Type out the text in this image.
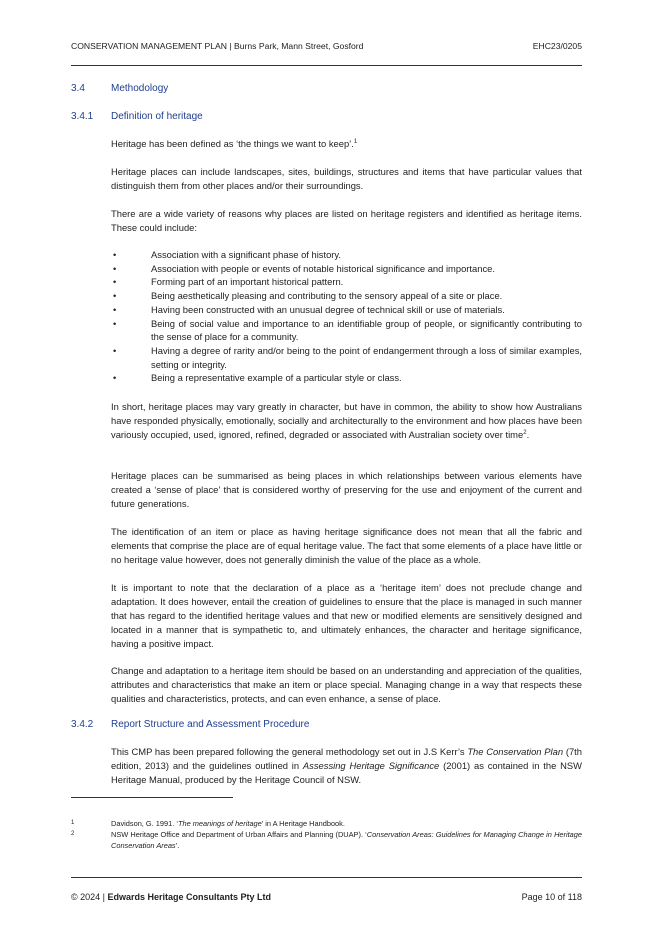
CONSERVATION MANAGEMENT PLAN | Burns Park, Mann Street, Gosford	EHC23/0205
3.4	Methodology
3.4.1 Definition of heritage

Heritage has been defined as ‘the things we want to keep’.$^1$

Heritage places can include landscapes, sites, buildings, structures and items that have particular values that distinguish them from other places and/or their surroundings.

There are a wide variety of reasons why places are listed on heritage registers and identified as heritage items. These could include:

•	Association with a significant phase of history.
•	Association with people or events of notable historical significance and importance.
•	Forming part of an important historical pattern.
•	Being aesthetically pleasing and contributing to the sensory appeal of a site or place.
•	Having been constructed with an unusual degree of technical skill or use of materials.
•	Being of social value and importance to an identifiable group of people, or significantly contributing to the sense of place for a community.
•	Having a degree of rarity and/or being to the point of endangerment through a loss of similar examples, setting or integrity.
•	Being a representative example of a particular style or class.

In short, heritage places may vary greatly in character, but have in common, the ability to show how Australians have responded physically, emotionally, socially and architecturally to the environment and how places have been variously occupied, used, ignored, refined, degraded or associated with Australian society over time$^2$.

Heritage places can be summarised as being places in which relationships between various elements have created a ‘sense of place’ that is considered worthy of preserving for the use and enjoyment of the current and future generations.

The identification of an item or place as having heritage significance does not mean that all the fabric and elements that comprise the place are of equal heritage value. The fact that some elements of a place have little or no heritage value however, does not generally diminish the value of the place as a whole.

It is important to note that the declaration of a place as a ‘heritage item’ does not preclude change and adaptation. It does however, entail the creation of guidelines to ensure that the place is managed in such manner that has regard to the identified heritage values and that new or modified elements are sensitively designed and located in a manner that is sympathetic to, and ultimately enhances, the character and heritage significance, having a positive impact.

Change and adaptation to a heritage item should be based on an understanding and appreciation of the qualities, attributes and characteristics that make an item or place special. Managing change in a way that respects these qualities and characteristics, protects, and can even enhance, a sense of place.

3.4.2 Report Structure and Assessment Procedure

This CMP has been prepared following the general methodology set out in J.S Kerr’s The Conservation Plan (7th edition, 2013) and the guidelines outlined in Assessing Heritage Significance (2001) as contained in the NSW Heritage Manual, produced by the Heritage Council of NSW.

1	Davidson, G. 1991. ‘The meanings of heritage’ in A Heritage Handbook.
2	NSW Heritage Office and Department of Urban Affairs and Planning (DUAP). ‘Conservation Areas: Guidelines for Managing Change in Heritage Conservation Areas’.
© 2024 | Edwards Heritage Consultants Pty Ltd	Page 10 of 118
